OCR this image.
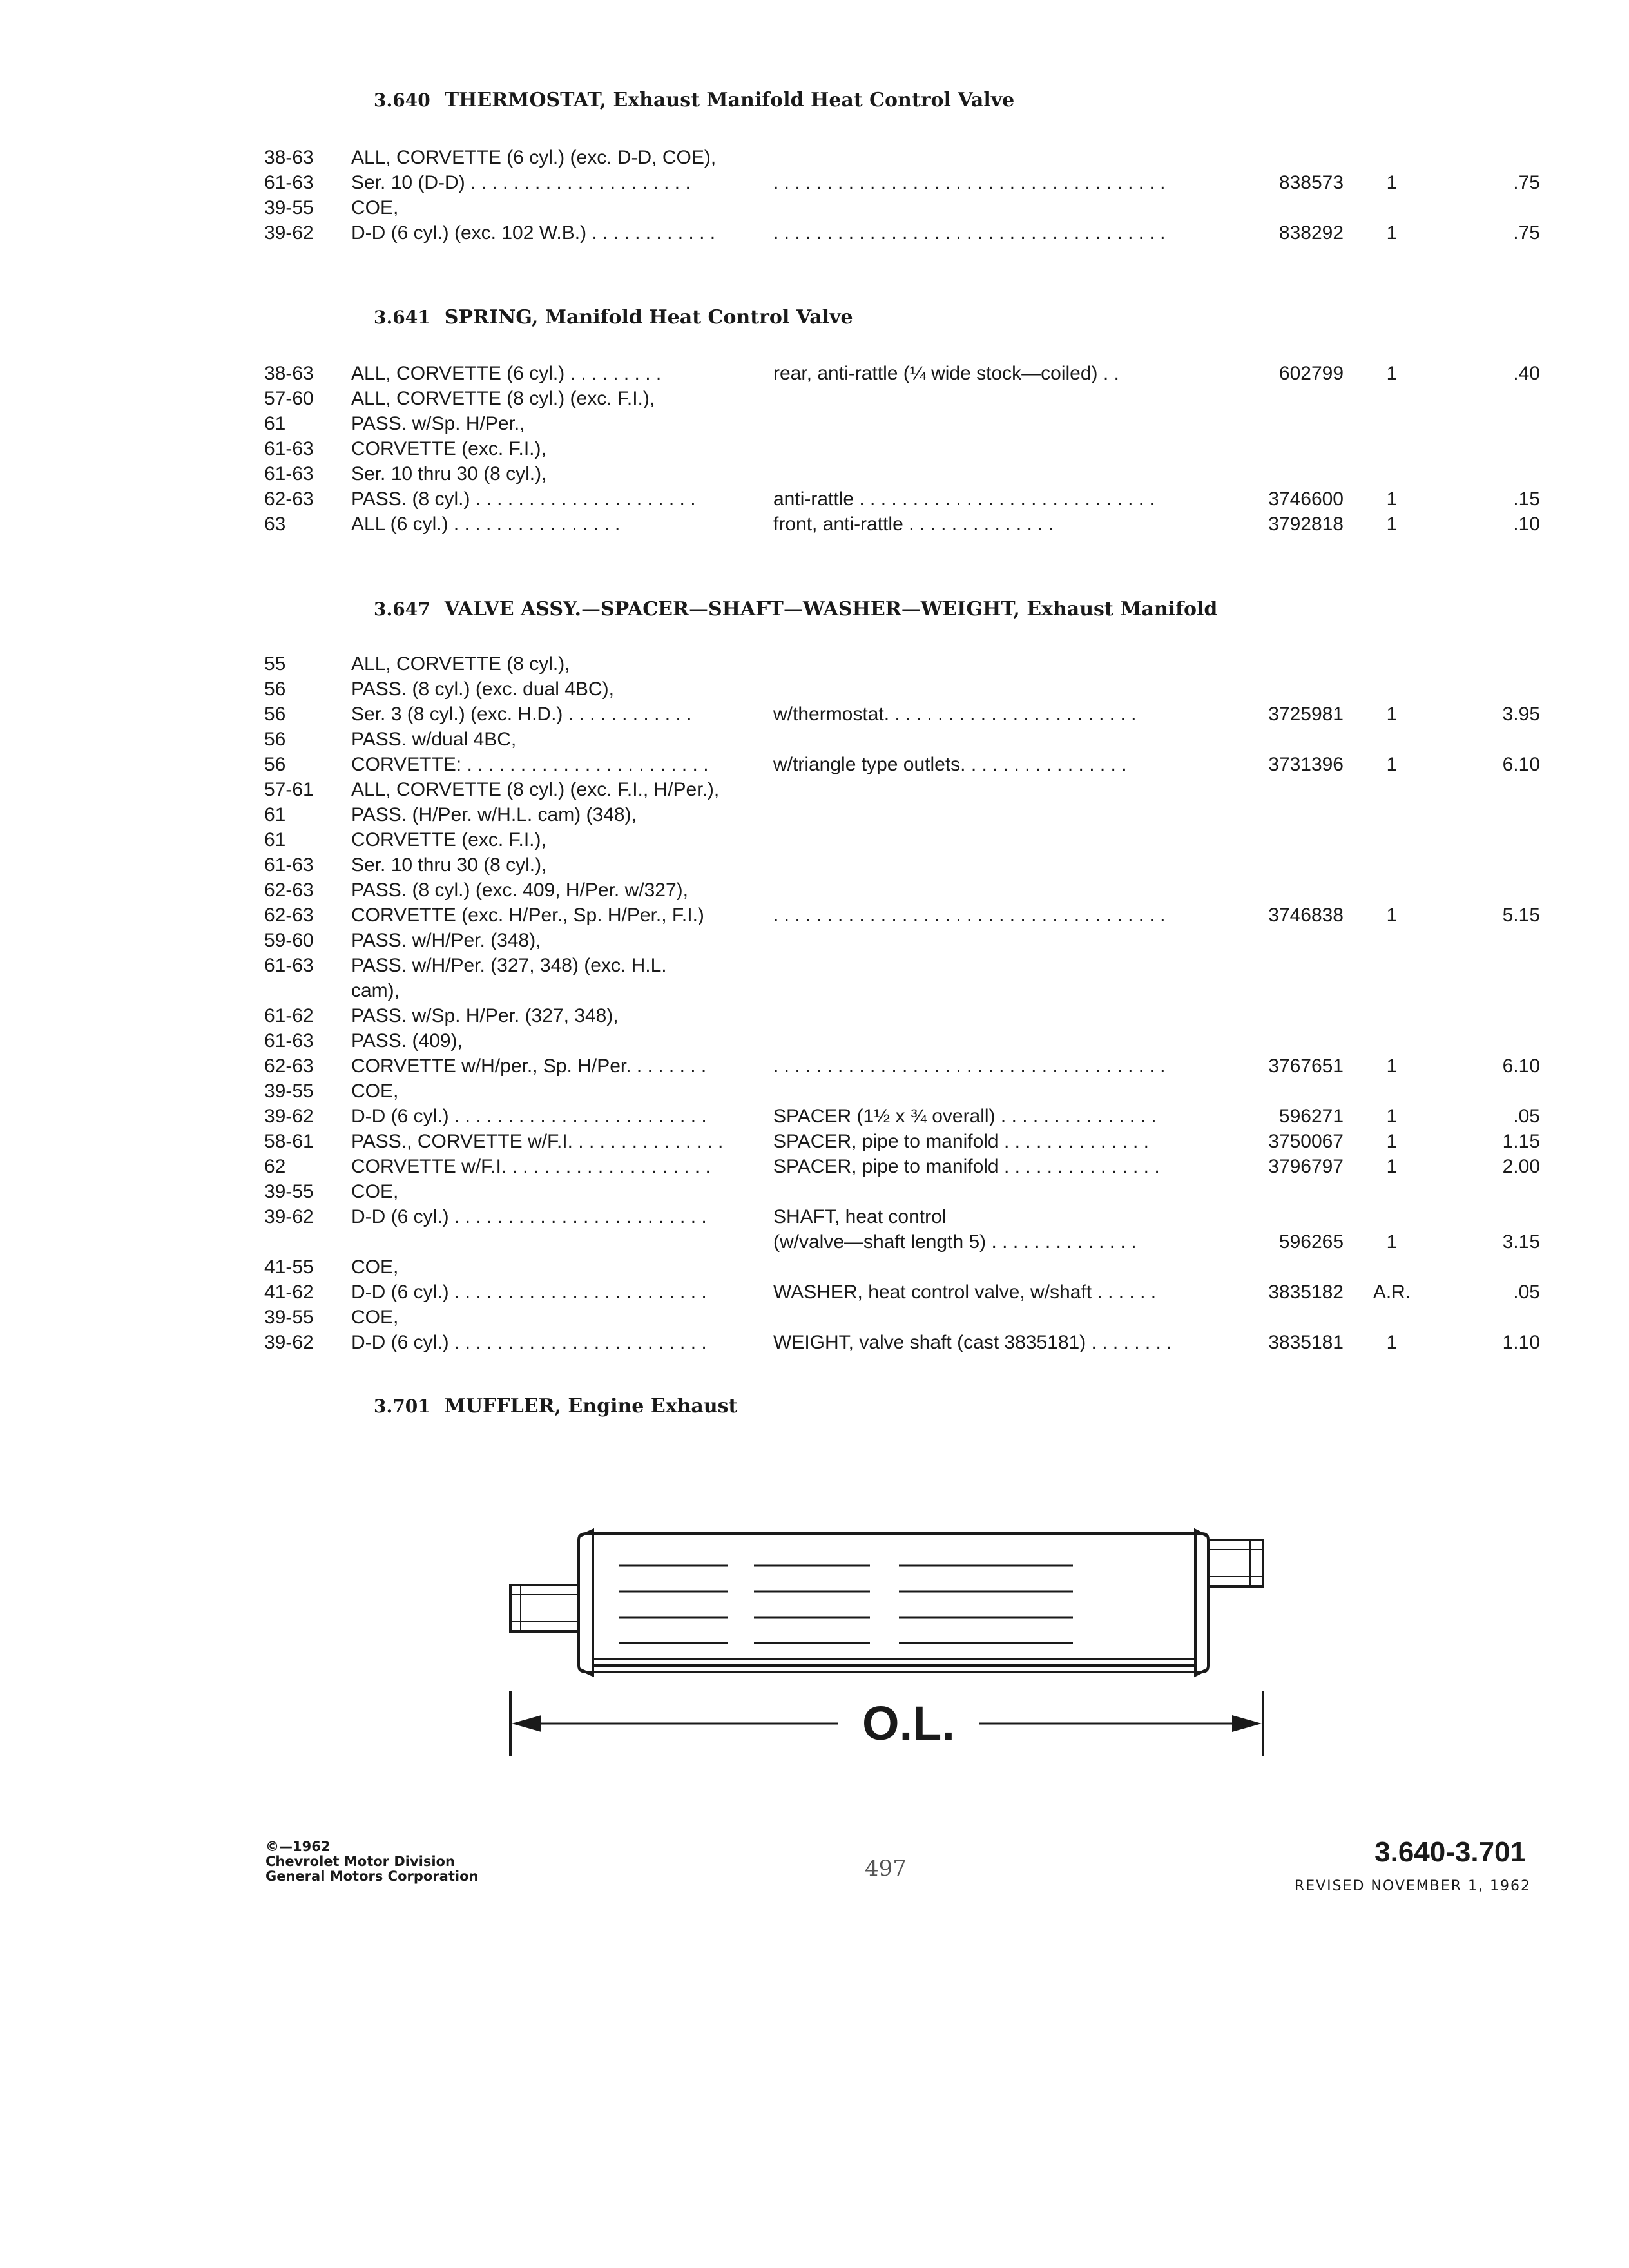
3.640 THERMOSTAT, Exhaust Manifold Heat Control Valve
38-63 ALL, CORVETTE (6 cyl.) (exc. D-D, COE),
61-63 Ser. 10 (D-D) . . . . . . . . . . . . . . . . . . . . .	. . . . . . . . . . . . . . . . . . . . . . . . . . . . . . . . . . . . .	838573	1	.75
39-55 COE,
39-62 D-D (6 cyl.) (exc. 102 W.B.) . . . . . . . . . . . .	. . . . . . . . . . . . . . . . . . . . . . . . . . . . . . . . . . . . .	838292	1	.75
3.641 SPRING, Manifold Heat Control Valve
38-63 ALL, CORVETTE (6 cyl.) . . . . . . . . .	rear, anti-rattle (¼ wide stock—coiled) . .	602799	1	.40
57-60 ALL, CORVETTE (8 cyl.) (exc. F.I.),
61	PASS. w/Sp. H/Per.,
61-63 CORVETTE (exc. F.I.),
61-63 Ser. 10 thru 30 (8 cyl.),
62-63 PASS. (8 cyl.) . . . . . . . . . . . . . . . . . . . . .	anti-rattle . . . . . . . . . . . . . . . . . . . . . . . . . . . .	3746600	1	.15
63	ALL (6 cyl.) . . . . . . . . . . . . . . . .	front, anti-rattle . . . . . . . . . . . . . .	3792818	1	.10
3.647 VALVE ASSY.—SPACER—SHAFT—WASHER—WEIGHT, Exhaust Manifold
55	ALL, CORVETTE (8 cyl.),
56	PASS. (8 cyl.) (exc. dual 4BC),
56	Ser. 3 (8 cyl.) (exc. H.D.) . . . . . . . . . . . .	w/thermostat. . . . . . . . . . . . . . . . . . . . . . . .	3725981	1	3.95
56	PASS. w/dual 4BC,
56	CORVETTE: . . . . . . . . . . . . . . . . . . . . . . .	w/triangle type outlets. . . . . . . . . . . . . . . .	3731396	1	6.10
57-61 ALL, CORVETTE (8 cyl.) (exc. F.I., H/Per.),
61	PASS. (H/Per. w/H.L. cam) (348),
61	CORVETTE (exc. F.I.),
61-63 Ser. 10 thru 30 (8 cyl.),
62-63 PASS. (8 cyl.) (exc. 409, H/Per. w/327),
62-63 CORVETTE (exc. H/Per., Sp. H/Per., F.I.)	. . . . . . . . . . . . . . . . . . . . . . . . . . . . . . . . . . . . .	3746838	1	5.15
59-60 PASS. w/H/Per. (348),
61-63 PASS. w/H/Per. (327, 348) (exc. H.L.
cam),
61-62 PASS. w/Sp. H/Per. (327, 348),
61-63 PASS. (409),
62-63 CORVETTE w/H/per., Sp. H/Per. . . . . . . .	. . . . . . . . . . . . . . . . . . . . . . . . . . . . . . . . . . . . .	3767651	1	6.10
39-55 COE,
39-62 D-D (6 cyl.) . . . . . . . . . . . . . . . . . . . . . . . .	SPACER (1½ x ¾ overall) . . . . . . . . . . . . . . .	596271	1	.05
58-61 PASS., CORVETTE w/F.I. . . . . . . . . . . . . . .	SPACER, pipe to manifold . . . . . . . . . . . . . .	3750067	1	1.15
62	CORVETTE w/F.I. . . . . . . . . . . . . . . . . . . .	SPACER, pipe to manifold . . . . . . . . . . . . . . .	3796797	1	2.00
39-55 COE,
39-62 D-D (6 cyl.) . . . . . . . . . . . . . . . . . . . . . . . .	SHAFT, heat control
(w/valve—shaft length 5) . . . . . . . . . . . . . .	596265	1	3.15
41-55 COE,
41-62 D-D (6 cyl.) . . . . . . . . . . . . . . . . . . . . . . . .	WASHER, heat control valve, w/shaft . . . . . .	3835182	A.R.	.05
39-55 COE,
39-62 D-D (6 cyl.) . . . . . . . . . . . . . . . . . . . . . . . .	WEIGHT, valve shaft (cast 3835181) . . . . . . . .	3835181	1	1.10
3.701 MUFFLER, Engine Exhaust
O.L.
©—1962
Chevrolet Motor Division
General Motors Corporation	497
3.640-3.701
REVISED NOVEMBER 1, 1962
